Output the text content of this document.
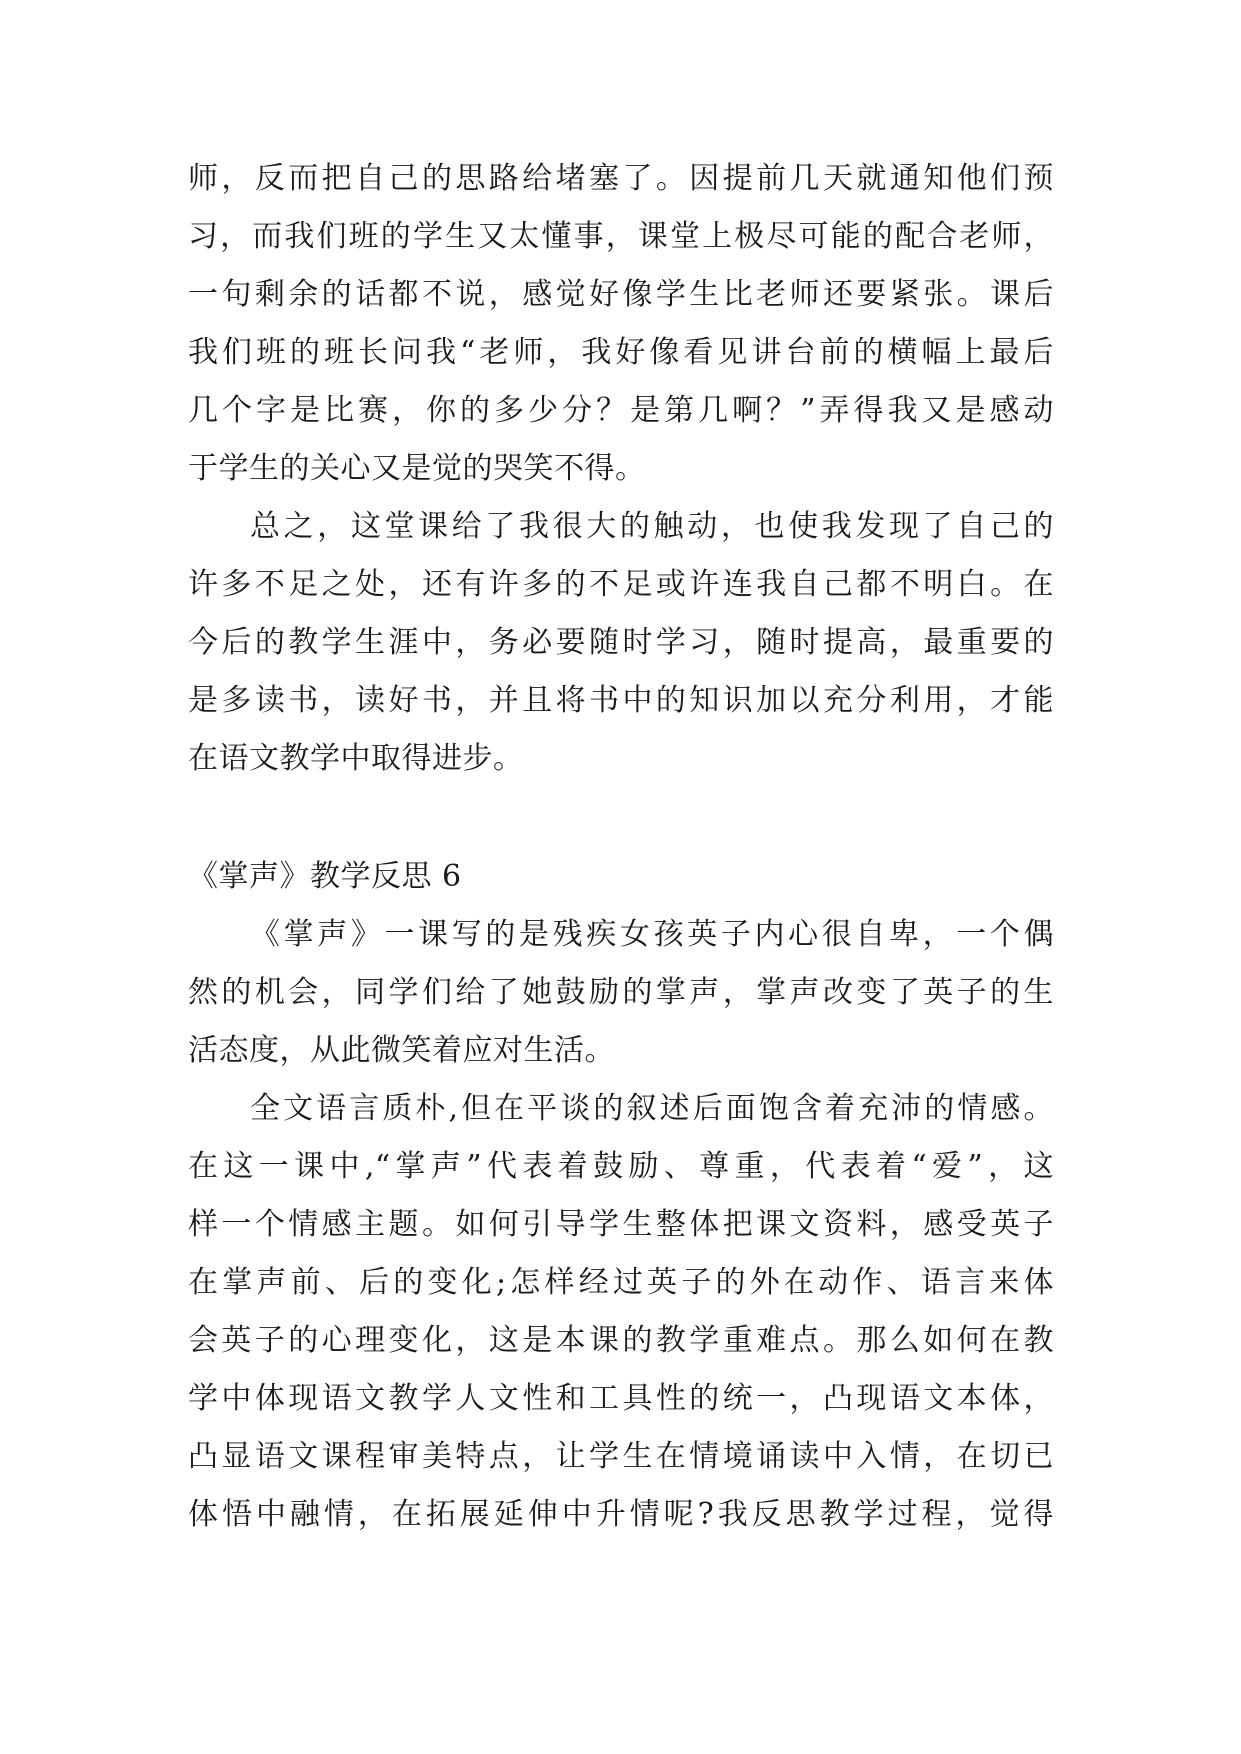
师，反而把自己的思路给堵塞了。因提前几天就通知他们预
习，而我们班的学生又太懂事，课堂上极尽可能的配合老师，
一句剩余的话都不说，感觉好像学生比老师还要紧张。课后
我们班的班长问我“老师，我好像看见讲台前的横幅上最后
几个字是比赛，你的多少分？是第几啊？”弄得我又是感动
于学生的关心又是觉的哭笑不得。
总之，这堂课给了我很大的触动，也使我发现了自己的
许多不足之处，还有许多的不足或许连我自己都不明白。在
今后的教学生涯中，务必要随时学习，随时提高，最重要的
是多读书，读好书，并且将书中的知识加以充分利用，才能
在语文教学中取得进步。
《掌声》教学反思 6
《掌声》一课写的是残疾女孩英子内心很自卑，一个偶
然的机会，同学们给了她鼓励的掌声，掌声改变了英子的生
活态度，从此微笑着应对生活。
全文语言质朴,但在平谈的叙述后面饱含着充沛的情感。
在这一课中,“掌声”代表着鼓励、尊重，代表着“爱”，这
样一个情感主题。如何引导学生整体把课文资料，感受英子
在掌声前、后的变化;怎样经过英子的外在动作、语言来体
会英子的心理变化，这是本课的教学重难点。那么如何在教
学中体现语文教学人文性和工具性的统一，凸现语文本体，
凸显语文课程审美特点，让学生在情境诵读中入情，在切已
体悟中融情，在拓展延伸中升情呢?我反思教学过程，觉得
